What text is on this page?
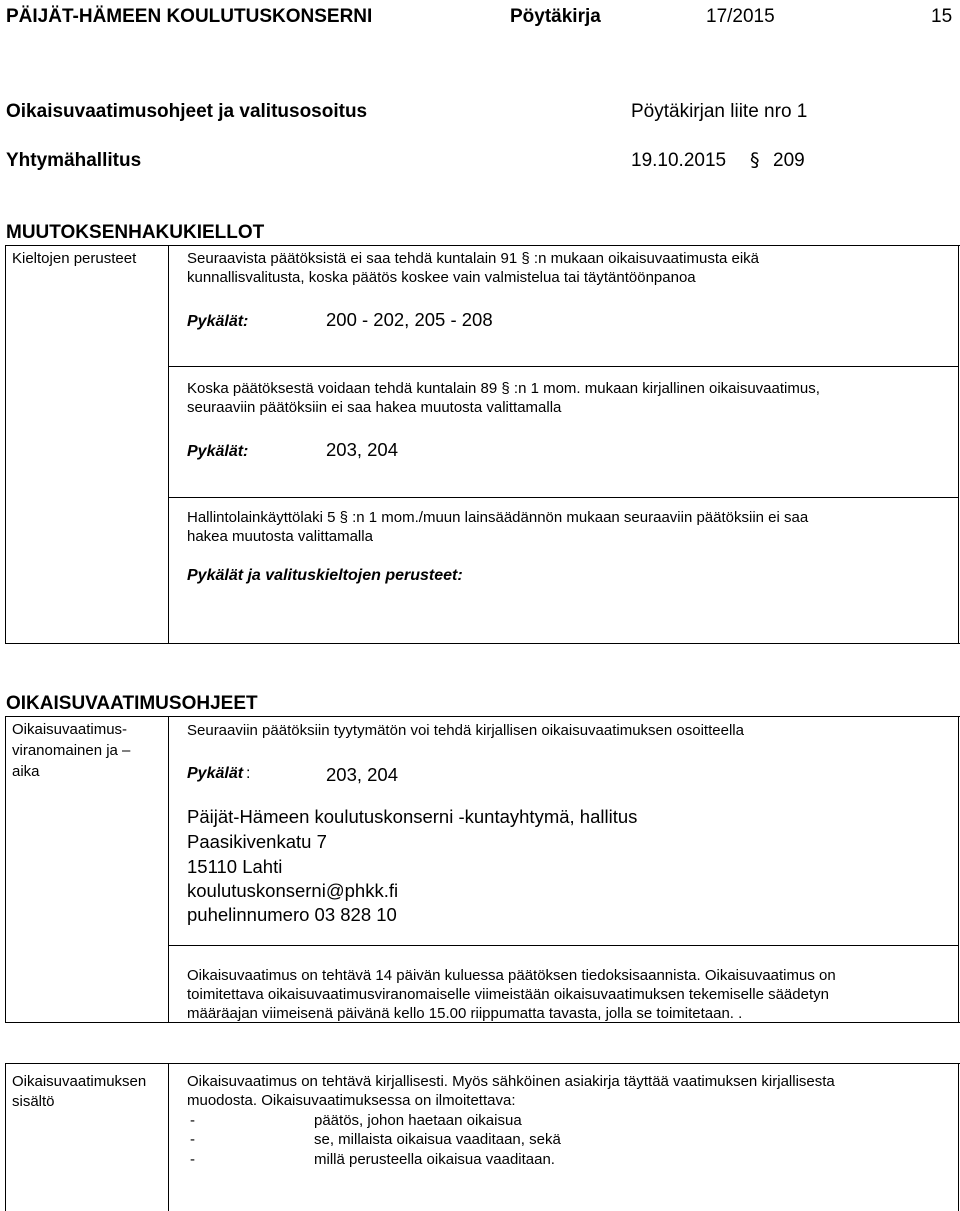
PÄIJÄT-HÄMEEN KOULUTUSKONSERNI	Pöytäkirja	17/2015	15
Oikaisuvaatimusohjeet ja valitusosoitus	Pöytäkirjan liite nro 1
Yhtymähallitus	19.10.2015 § 209
MUUTOKSENHAKUKIELLOT
Kieltojen perusteet	Seuraavista päätöksistä ei saa tehdä kuntalain 91 § :n mukaan oikaisuvaatimusta eikä
kunnallisvalitusta, koska päätös koskee vain valmistelua tai täytäntöönpanoa
Pykälät:	200 - 202, 205 - 208
Koska päätöksestä voidaan tehdä kuntalain 89 § :n 1 mom. mukaan kirjallinen oikaisuvaatimus,
seuraaviin päätöksiin ei saa hakea muutosta valittamalla
Pykälät:	203, 204
Hallintolainkäyttölaki 5 § :n 1 mom./muun lainsäädännön mukaan seuraaviin päätöksiin ei saa
hakea muutosta valittamalla
Pykälät ja valituskieltojen perusteet:
OIKAISUVAATIMUSOHJEET
Oikaisuvaatimus-
viranomainen ja –
aika
Seuraaviin päätöksiin tyytymätön voi tehdä kirjallisen oikaisuvaatimuksen osoitteella
Pykälät :	203, 204
Päijät-Hämeen koulutuskonserni -kuntayhtymä, hallitus
Paasikivenkatu 7
15110 Lahti
koulutuskonserni@phkk.fi
puhelinnumero 03 828 10
Oikaisuvaatimus on tehtävä 14 päivän kuluessa päätöksen tiedoksisaannista. Oikaisuvaatimus on
toimitettava oikaisuvaatimusviranomaiselle viimeistään oikaisuvaatimuksen tekemiselle säädetyn
määräajan viimeisenä päivänä kello 15.00 riippumatta tavasta, jolla se toimitetaan. .
Oikaisuvaatimuksen
sisältö
Oikaisuvaatimus on tehtävä kirjallisesti. Myös sähköinen asiakirja täyttää vaatimuksen kirjallisesta
muodosta. Oikaisuvaatimuksessa on ilmoitettava:
-	päätös, johon haetaan oikaisua
-	se, millaista oikaisua vaaditaan, sekä
-	millä perusteella oikaisua vaaditaan.
